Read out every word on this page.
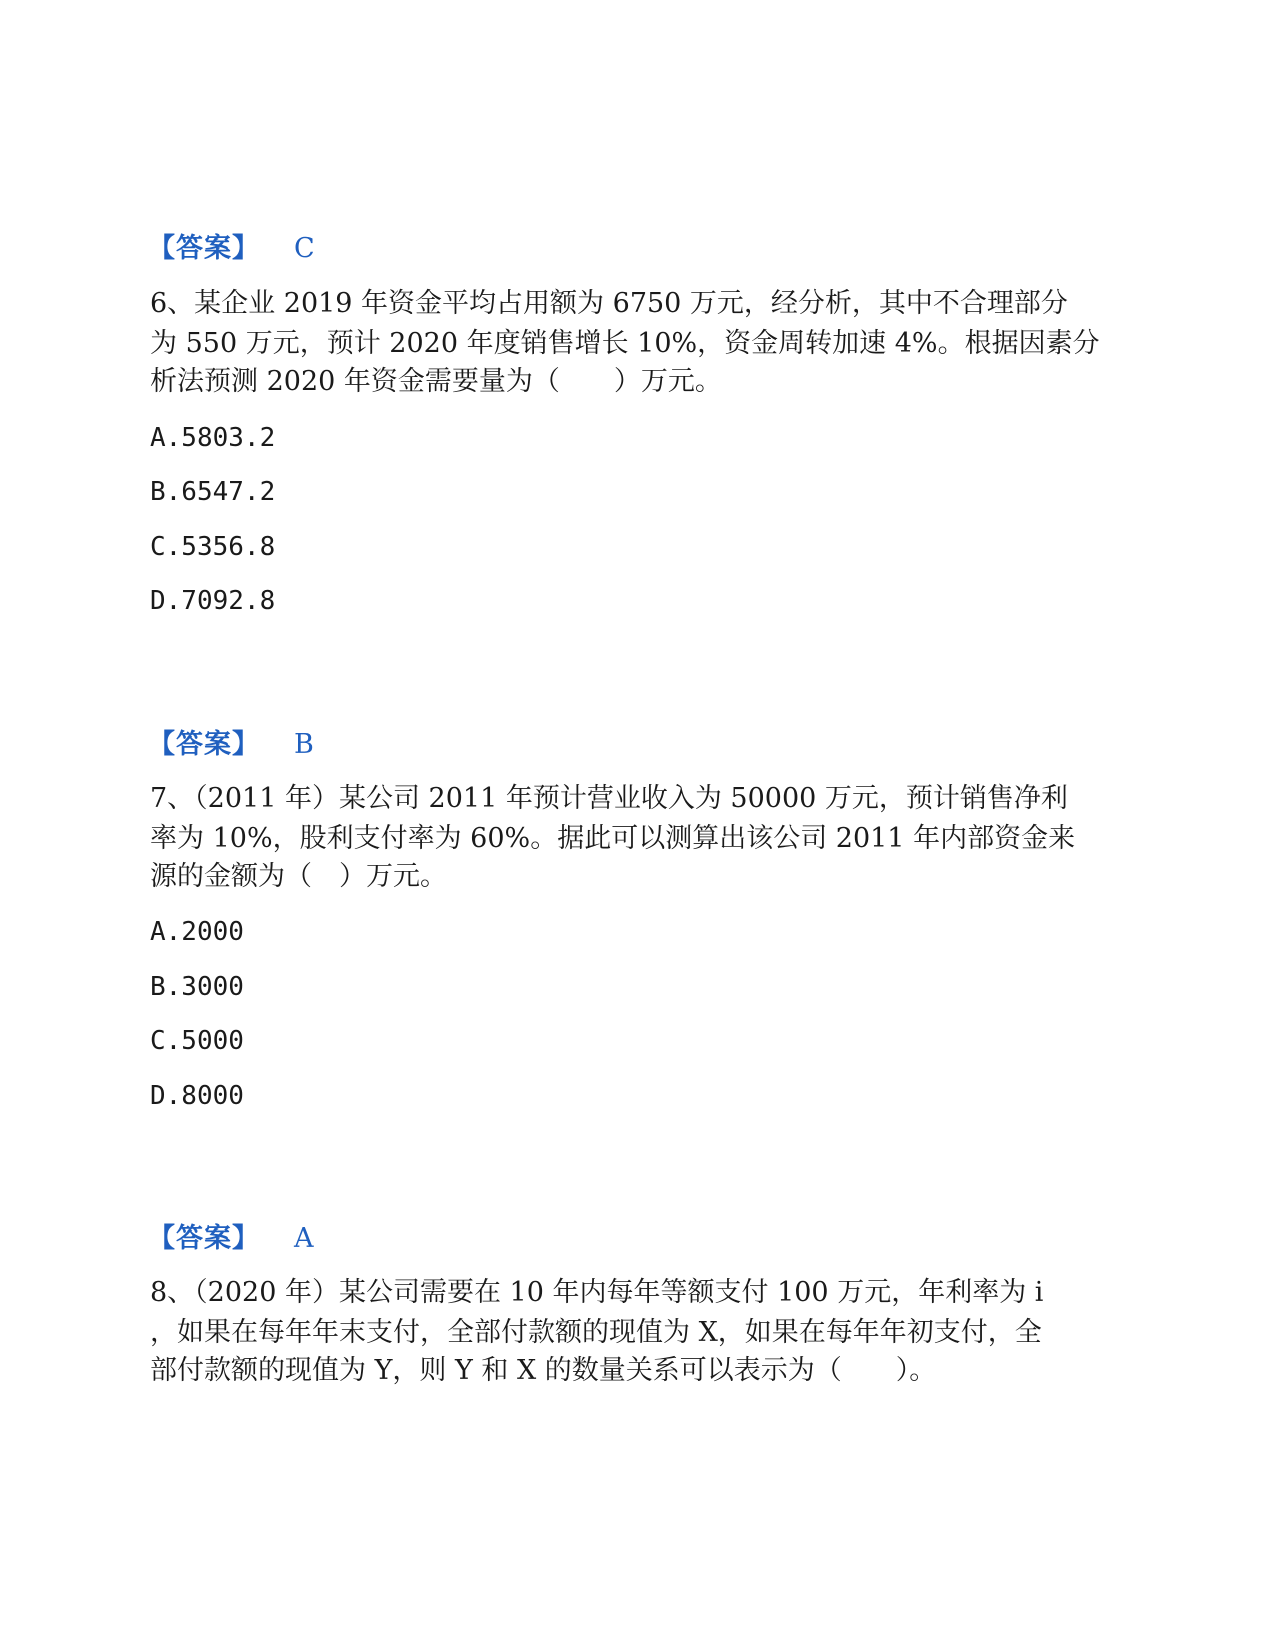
【答案】 C
6、某企业 2019 年资金平均占用额为 6750 万元，经分析，其中不合理部分
为 550 万元，预计 2020 年度销售增长 10%，资金周转加速 4%。根据因素分
析法预测 2020 年资金需要量为（　　）万元。
A.5803.2
B.6547.2
C.5356.8
D.7092.8
【答案】 B
7、（2011 年）某公司 2011 年预计营业收入为 50000 万元，预计销售净利
率为 10%，股利支付率为 60%。据此可以测算出该公司 2011 年内部资金来
源的金额为（　）万元。
A.2000
B.3000
C.5000
D.8000
【答案】 A
8、（2020 年）某公司需要在 10 年内每年等额支付 100 万元，年利率为 i
，如果在每年年末支付，全部付款额的现值为 X，如果在每年年初支付，全
部付款额的现值为 Y，则 Y 和 X 的数量关系可以表示为（　　）。
